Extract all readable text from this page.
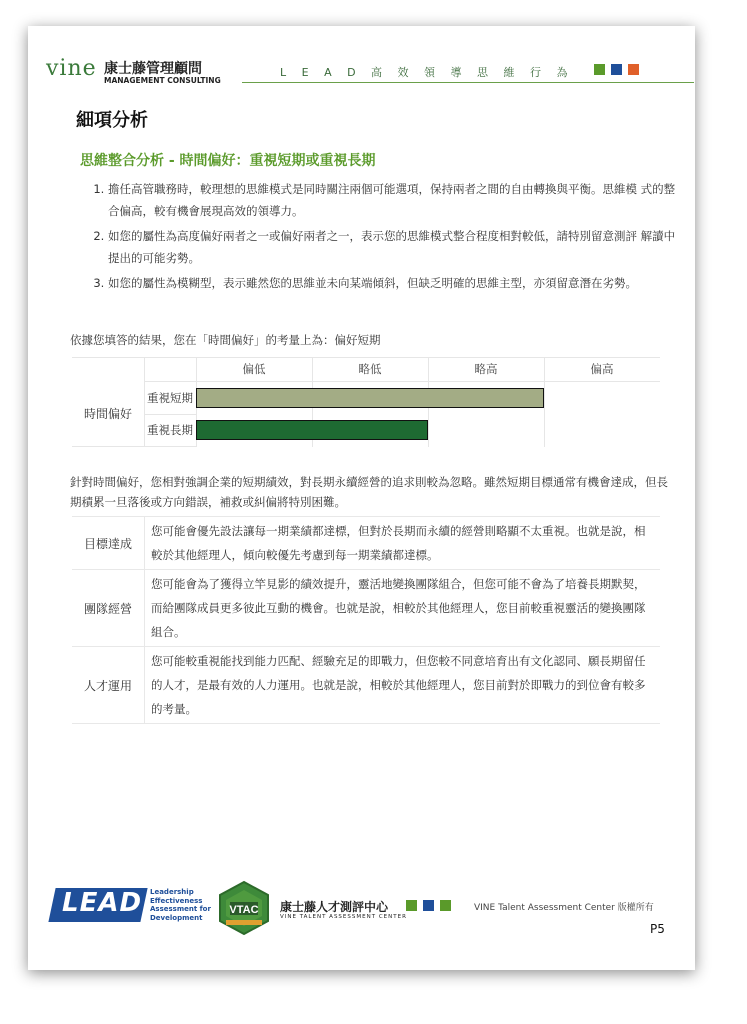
vine 康士藤管理顧問
MANAGEMENT CONSULTING
L E A D 高 效 領 導 思 維 行 為
細項分析
思維整合分析 - 時間偏好：重視短期或重視長期
1. 擔任高管職務時，較理想的思維模式是同時關注兩個可能選項，保持兩者之間的自由轉換與平衡。思維模 式的整合偏高，較有機會展現高效的領導力。
2. 如您的屬性為高度偏好兩者之一或偏好兩者之一，表示您的思維模式整合程度相對較低，請特別留意測評 解讀中提出的可能劣勢。
3. 如您的屬性為模糊型，表示雖然您的思維並未向某端傾斜，但缺乏明確的思維主型，亦須留意潛在劣勢。
依據您填答的結果，您在「時間偏好」的考量上為：偏好短期
偏低	略低	略高	偏高
時間偏好
重視短期
重視長期
針對時間偏好，您相對強調企業的短期績效，對長期永續經營的追求則較為忽略。雖然短期目標通常有機會達成，但長期積累一旦落後或方向錯誤，補救或糾偏將特別困難。
目標達成
您可能會優先設法讓每一期業績都達標，但對於長期而永續的經營則略顯不太重視。也就是說，相較於其他經理人，傾向較優先考慮到每一期業績都達標。
團隊經營
您可能會為了獲得立竿見影的績效提升，靈活地變換團隊組合，但您可能不會為了培養長期默契，而給團隊成員更多彼此互動的機會。也就是說，相較於其他經理人，您目前較重視靈活的變換團隊組合。
人才運用
您可能較重視能找到能力匹配、經驗充足的即戰力，但您較不同意培育出有文化認同、願長期留任的人才，是最有效的人力運用。也就是說，相較於其他經理人，您目前對於即戰力的到位會有較多的考量。
LEAD Leadership
Effectiveness
Assessment for
Development
VTAC 康士藤人才測評中心
VINE TALENT ASSESSMENT CENTER
VINE Talent Assessment Center 版權所有
P5
